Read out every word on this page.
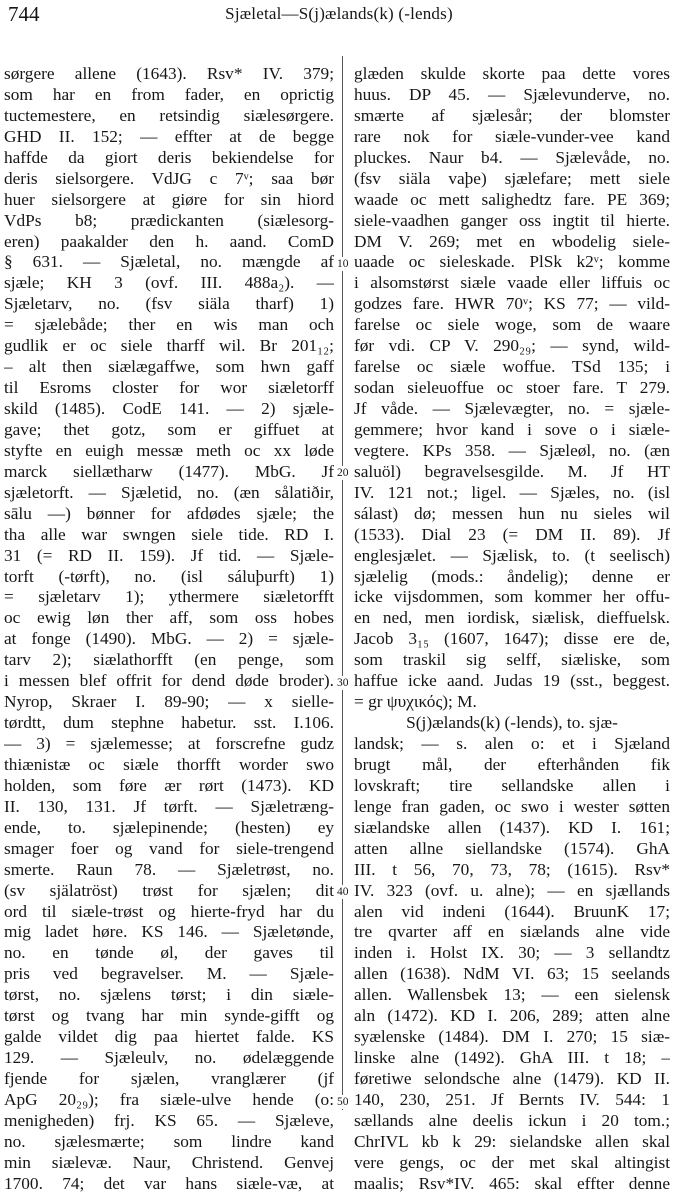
744	Sjæletal—S(j)ælands(k) (-lends)
10
20
30
40
50
sørgere allene (1643). Rsv* IV. 379;
som har en from fader, en oprictig
tuctemestere, en retsindig siælesørgere.
GHD II. 152; — effter at de begge
haffde da giort deris bekiendelse for
deris sielsorgere. VdJG c 7ᵛ; saa bør
huer sielsorgere at giøre for sin hiord
VdPs b8; prædickanten (siælesorg-
eren) paakalder den h. aand. ComD
§ 631. — Sjæletal, no. mængde af
sjæle; KH 3 (ovf. III. 488a₂). —
Sjæletarv, no. (fsv siäla tharf) 1)
= sjælebåde; ther en wis man och
gudlik er oc siele tharff wil. Br 201₁₂;
– alt then siælægaffwe, som hwn gaff
til Esroms closter for wor siæletorff
skild (1485). CodE 141. — 2) sjæle-
gave; thet gotz, som er giffuet at
styfte en euigh messæ meth oc xx løde
marck siellætharw (1477). MbG. Jf
sjæletorft. — Sjæletid, no. (æn sålatiðir,
sālu —) bønner for afdødes sjæle; the
tha alle war swngen siele tide. RD I.
31 (= RD II. 159). Jf tid. — Sjæle-
torft (-tørft), no. (isl sáluþurft) 1)
= sjæletarv 1); ythermere siæletorfft
oc ewig løn ther aff, som oss hobes
at fonge (1490). MbG. — 2) = sjæle-
tarv 2); siælathorfft (en penge, som
i messen blef offrit for dend døde broder).
Nyrop, Skraer I. 89-90; — x sielle-
tørdtt, dum stephne habetur. sst. I.106.
— 3) = sjælemesse; at forscrefne gudz
thiænistæ oc siæle thorfft worder swo
holden, som føre ær rørt (1473). KD
II. 130, 131. Jf tørft. — Sjæletræng-
ende, to. sjælepinende; (hesten) ey
smager foer og vand for siele-trengend
smerte. Raun 78. — Sjæletrøst, no.
(sv själatröst) trøst for sjælen; dit
ord til siæle-trøst og hierte-fryd har du
mig ladet høre. KS 146. — Sjæletønde,
no. en tønde øl, der gaves til
pris ved begravelser. M. — Sjæle-
tørst, no. sjælens tørst; i din siæle-
tørst og tvang har min synde-gifft og
galde vildet dig paa hiertet falde. KS
129. — Sjæleulv, no. ødelæggende
fjende for sjælen, vranglærer (jf
ApG 20₂₉); fra siæle-ulve hende (o:
menigheden) frj. KS 65. — Sjæleve,
no. sjælesmærte; som lindre kand
min siælevæ. Naur, Christend. Genvej
1700. 74; det var hans siæle-væ, at
glæden skulde skorte paa dette vores
huus. DP 45. — Sjælevunderve, no.
smærte af sjælesår; der blomster
rare nok for siæle-vunder-vee kand
pluckes. Naur b4. — Sjælevåde, no.
(fsv siäla vaþe) sjælefare; mett siele
waade oc mett salighedtz fare. PE 369;
siele-vaadhen ganger oss ingtit til hierte.
DM V. 269; met en wbodelig siele-
uaade oc sieleskade. PlSk k2ᵛ; komme
i alsomstørst siæle vaade eller liffuis oc
godzes fare. HWR 70ᵛ; KS 77; — vild-
farelse oc siele woge, som de waare
før vdi. CP V. 290₂₉; — synd, wild-
farelse oc siæle woffue. TSd 135; i
sodan sieleuoffue oc stoer fare. T 279.
Jf våde. — Sjælevægter, no. = sjæle-
gemmere; hvor kand i sove o i siæle-
vegtere. KPs 358. — Sjæleøl, no. (æn
saluöl) begravelsesgilde. M. Jf HT
IV. 121 not.; ligel. — Sjæles, no. (isl
sálast) dø; messen hun nu sieles wil
(1533). Dial 23 (= DM II. 89). Jf
englesjælet. — Sjælisk, to. (t seelisch)
sjælelig (mods.: åndelig); denne er
icke vijsdommen, som kommer her offu-
en ned, men iordisk, siælisk, dieffuelsk.
Jacob 3₁₅ (1607, 1647); disse ere de,
som traskil sig selff, siæliske, som
haffue icke aand. Judas 19 (sst., beggest.
= gr ψυχικός); M.
S(j)ælands(k) (-lends), to. sjæ-
landsk; — s. alen o: et i Sjæland
brugt mål, der efterhånden fik
lovskraft; tire sellandske allen i
lenge fran gaden, oc swo i wester søtten
siælandske allen (1437). KD I. 161;
atten allne siellandske (1574). GhA
III. t 56, 70, 73, 78; (1615). Rsv*
IV. 323 (ovf. u. alne); — en sjællands
alen vid indeni (1644). BruunK 17;
tre qvarter aff en siælands alne vide
inden i. Holst IX. 30; — 3 sellandtz
allen (1638). NdM VI. 63; 15 seelands
allen. Wallensbek 13; — een sielensk
aln (1472). KD I. 206, 289; atten alne
syælenske (1484). DM I. 270; 15 siæ-
linske alne (1492). GhA III. t 18; –
føretiwe selondsche alne (1479). KD II.
140, 230, 251. Jf Bernts IV. 544: 1
sællands alne deelis ickun i 20 tom.;
ChrIVL kb k 29: sielandske allen skal
vere gengs, oc der met skal altingist
maalis; Rsv*IV. 465: skal effter denne
